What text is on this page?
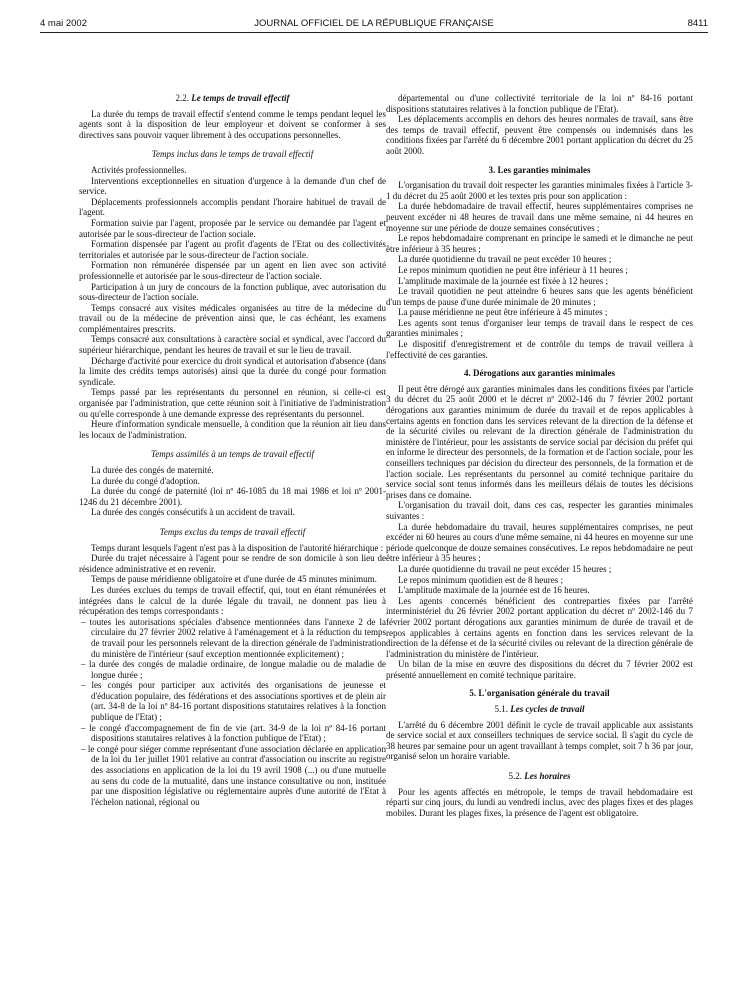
4 mai 2002	JOURNAL OFFICIEL DE LA RÉPUBLIQUE FRANÇAISE	8411

2.2. Le temps de travail effectif

La durée du temps de travail effectif s'entend comme le temps pendant lequel les agents sont à la disposition de leur employeur et doivent se conformer à ses directives sans pouvoir vaquer librement à des occupations personnelles.

Temps inclus dans le temps de travail effectif

Activités professionnelles.

Interventions exceptionnelles en situation d'urgence à la demande d'un chef de service.

Déplacements professionnels accomplis pendant l'horaire habituel de travail de l'agent.

Formation suivie par l'agent, proposée par le service ou demandée par l'agent et autorisée par le sous-directeur de l'action sociale.

Formation dispensée par l'agent au profit d'agents de l'Etat ou des collectivités territoriales et autorisée par le sous-directeur de l'action sociale.

Formation non rémunérée dispensée par un agent en lien avec son activité professionnelle et autorisée par le sous-directeur de l'action sociale.

Participation à un jury de concours de la fonction publique, avec autorisation du sous-directeur de l'action sociale.

Temps consacré aux visites médicales organisées au titre de la médecine du travail ou de la médecine de prévention ainsi que, le cas échéant, les examens complémentaires prescrits.

Temps consacré aux consultations à caractère social et syndical, avec l'accord du supérieur hiérarchique, pendant les heures de travail et sur le lieu de travail.

Décharge d'activité pour exercice du droit syndical et autorisation d'absence (dans la limite des crédits temps autorisés) ainsi que la durée du congé pour formation syndicale.

Temps passé par les représentants du personnel en réunion, si celle-ci est organisée par l'administration, que cette réunion soit à l'initiative de l'administration ou qu'elle corresponde à une demande expresse des représentants du personnel.

Heure d'information syndicale mensuelle, à condition que la réunion ait lieu dans les locaux de l'administration.

Temps assimilés à un temps de travail effectif

La durée des congés de maternité.

La durée du congé d'adoption.

La durée du congé de paternité (loi nº 46-1085 du 18 mai 1986 et loi nº 2001-1246 du 21 décembre 2001).

La durée des congés consécutifs à un accident de travail.

Temps exclus du temps de travail effectif

Temps durant lesquels l'agent n'est pas à la disposition de l'autorité hiérarchique :

Durée du trajet nécessaire à l'agent pour se rendre de son domicile à son lieu de résidence administrative et en revenir.

Temps de pause méridienne obligatoire et d'une durée de 45 minutes minimum.

Les durées exclues du temps de travail effectif, qui, tout en étant rémunérées et intégrées dans le calcul de la durée légale du travail, ne donnent pas lieu à récupération des temps correspondants :

– toutes les autorisations spéciales d'absence mentionnées dans l'annexe 2 de la circulaire du 27 février 2002 relative à l'aménagement et à la réduction du temps de travail pour les personnels relevant de la direction générale de l'administration du ministère de l'intérieur (sauf exception mentionnée explicitement) ;
– la durée des congés de maladie ordinaire, de longue maladie ou de maladie de longue durée ;
– les congés pour participer aux activités des organisations de jeunesse et d'éducation populaire, des fédérations et des associations sportives et de plein air (art. 34-8 de la loi nº 84-16 portant dispositions statutaires relatives à la fonction publique de l'Etat) ;
– le congé d'accompagnement de fin de vie (art. 34-9 de la loi nº 84-16 portant dispositions statutaires relatives à la fonction publique de l'Etat) ;
– le congé pour siéger comme représentant d'une association déclarée en application de la loi du 1er juillet 1901 relative au contrat d'association ou inscrite au registre des associations en application de la loi du 19 avril 1908 (...) ou d'une mutuelle au sens du code de la mutualité, dans une instance consultative ou non, instituée par une disposition législative ou réglementaire auprès d'une autorité de l'Etat à l'échelon national, régional ou

départemental ou d'une collectivité territoriale de la loi nº 84-16 portant dispositions statutaires relatives à la fonction publique de l'Etat).

Les déplacements accomplis en dehors des heures normales de travail, sans être des temps de travail effectif, peuvent être compensés ou indemnisés dans les conditions fixées par l'arrêté du 6 décembre 2001 portant application du décret du 25 août 2000.

3. Les garanties minimales

L'organisation du travail doit respecter les garanties minimales fixées à l'article 3-1 du décret du 25 août 2000 et les textes pris pour son application :

La durée hebdomadaire de travail effectif, heures supplémentaires comprises ne peuvent excéder ni 48 heures de travail dans une même semaine, ni 44 heures en moyenne sur une période de douze semaines consécutives ;

Le repos hebdomadaire comprenant en principe le samedi et le dimanche ne peut être inférieur à 35 heures ;

La durée quotidienne du travail ne peut excéder 10 heures ;

Le repos minimum quotidien ne peut être inférieur à 11 heures ;

L'amplitude maximale de la journée est fixée à 12 heures ;

Le travail quotidien ne peut atteindre 6 heures sans que les agents bénéficient d'un temps de pause d'une durée minimale de 20 minutes ;

La pause méridienne ne peut être inférieure à 45 minutes ;

Les agents sont tenus d'organiser leur temps de travail dans le respect de ces garanties minimales ;

Le dispositif d'enregistrement et de contrôle du temps de travail veillera à l'effectivité de ces garanties.

4. Dérogations aux garanties minimales

Il peut être dérogé aux garanties minimales dans les conditions fixées par l'article 3 du décret du 25 août 2000 et le décret nº 2002-146 du 7 février 2002 portant dérogations aux garanties minimum de durée du travail et de repos applicables à certains agents en fonction dans les services relevant de la direction de la défense et de la sécurité civiles ou relevant de la direction générale de l'administration du ministère de l'intérieur, pour les assistants de service social par décision du préfet qui en informe le directeur des personnels, de la formation et de l'action sociale, pour les conseillers techniques par décision du directeur des personnels, de la formation et de l'action sociale. Les représentants du personnel au comité technique paritaire du service social sont tenus informés dans les meilleurs délais de toutes les décisions prises dans ce domaine.

L'organisation du travail doit, dans ces cas, respecter les garanties minimales suivantes :

La durée hebdomadaire du travail, heures supplémentaires comprises, ne peut excéder ni 60 heures au cours d'une même semaine, ni 44 heures en moyenne sur une période quelconque de douze semaines consécutives. Le repos hebdomadaire ne peut être inférieur à 35 heures ;

La durée quotidienne du travail ne peut excéder 15 heures ;

Le repos minimum quotidien est de 8 heures ;

L'amplitude maximale de la journée est de 16 heures.

Les agents concernés bénéficient des contreparties fixées par l'arrêté interministériel du 26 février 2002 portant application du décret nº 2002-146 du 7 février 2002 portant dérogations aux garanties minimum de durée de travail et de repos applicables à certains agents en fonction dans les services relevant de la direction de la défense et de la sécurité civiles ou relevant de la direction générale de l'administration du ministère de l'intérieur.

Un bilan de la mise en œuvre des dispositions du décret du 7 février 2002 est présenté annuellement en comité technique paritaire.

5. L'organisation générale du travail

5.1. Les cycles de travail

L'arrêté du 6 décembre 2001 définit le cycle de travail applicable aux assistants de service social et aux conseillers techniques de service social. Il s'agit du cycle de 38 heures par semaine pour un agent travaillant à temps complet, soit 7 h 36 par jour, organisé selon un horaire variable.

5.2. Les horaires

Pour les agents affectés en métropole, le temps de travail hebdomadaire est réparti sur cinq jours, du lundi au vendredi inclus, avec des plages fixes et des plages mobiles. Durant les plages fixes, la présence de l'agent est obligatoire.
